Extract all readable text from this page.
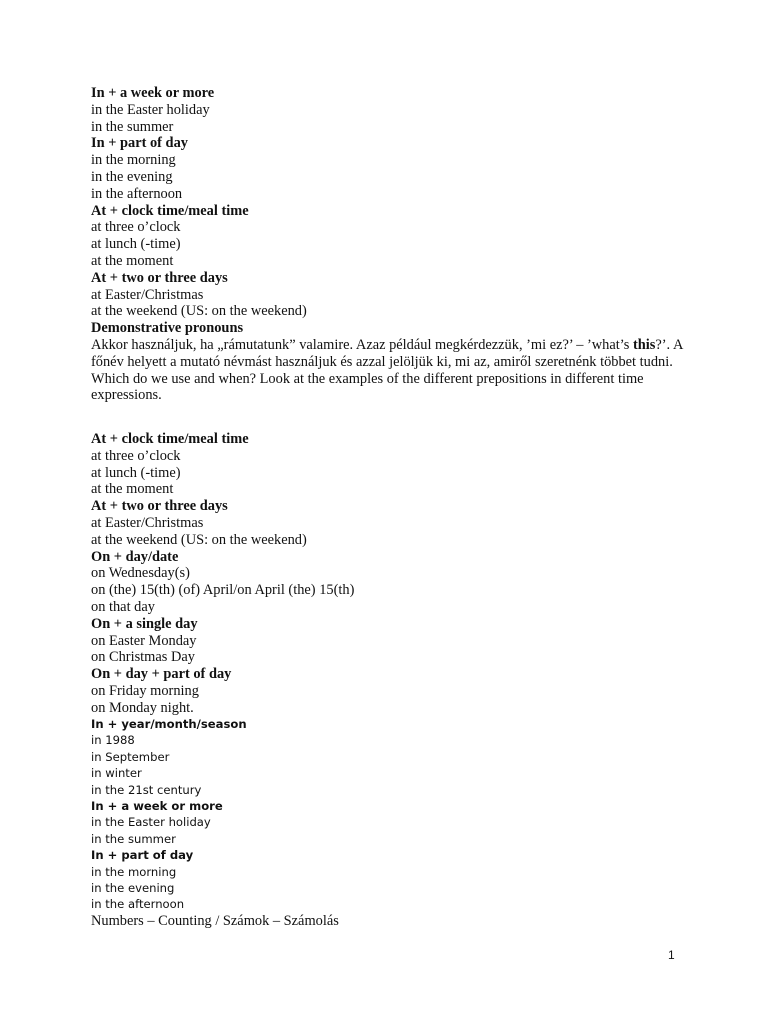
In + a week or more
in the Easter holiday
in the summer
In + part of day
in the morning
in the evening
in the afternoon
At + clock time/meal time
at three o’clock
at lunch (-time)
at the moment
At + two or three days
at Easter/Christmas
at the weekend (US: on the weekend)
Demonstrative pronouns
Akkor használjuk, ha „rámutatunk” valamire. Azaz például megkérdezzük, ’mi ez?’ – ’what’s this?’. A főnév helyett a mutató névmást használjuk és azzal jelöljük ki, mi az, amiről szeretnénk többet tudni.
Which do we use and when? Look at the examples of the different prepositions in different time expressions.
At + clock time/meal time
at three o’clock
at lunch (-time)
at the moment
At + two or three days
at Easter/Christmas
at the weekend (US: on the weekend)
On + day/date
on Wednesday(s)
on (the) 15(th) (of) April/on April (the) 15(th)
on that day
On + a single day
on Easter Monday
on Christmas Day
On + day + part of day
on Friday morning
on Monday night.
In + year/month/season
in 1988
in September
in winter
in the 21st century
In + a week or more
in the Easter holiday
in the summer
In + part of day
in the morning
in the evening
in the afternoon
Numbers – Counting / Számok – Számolás
1
